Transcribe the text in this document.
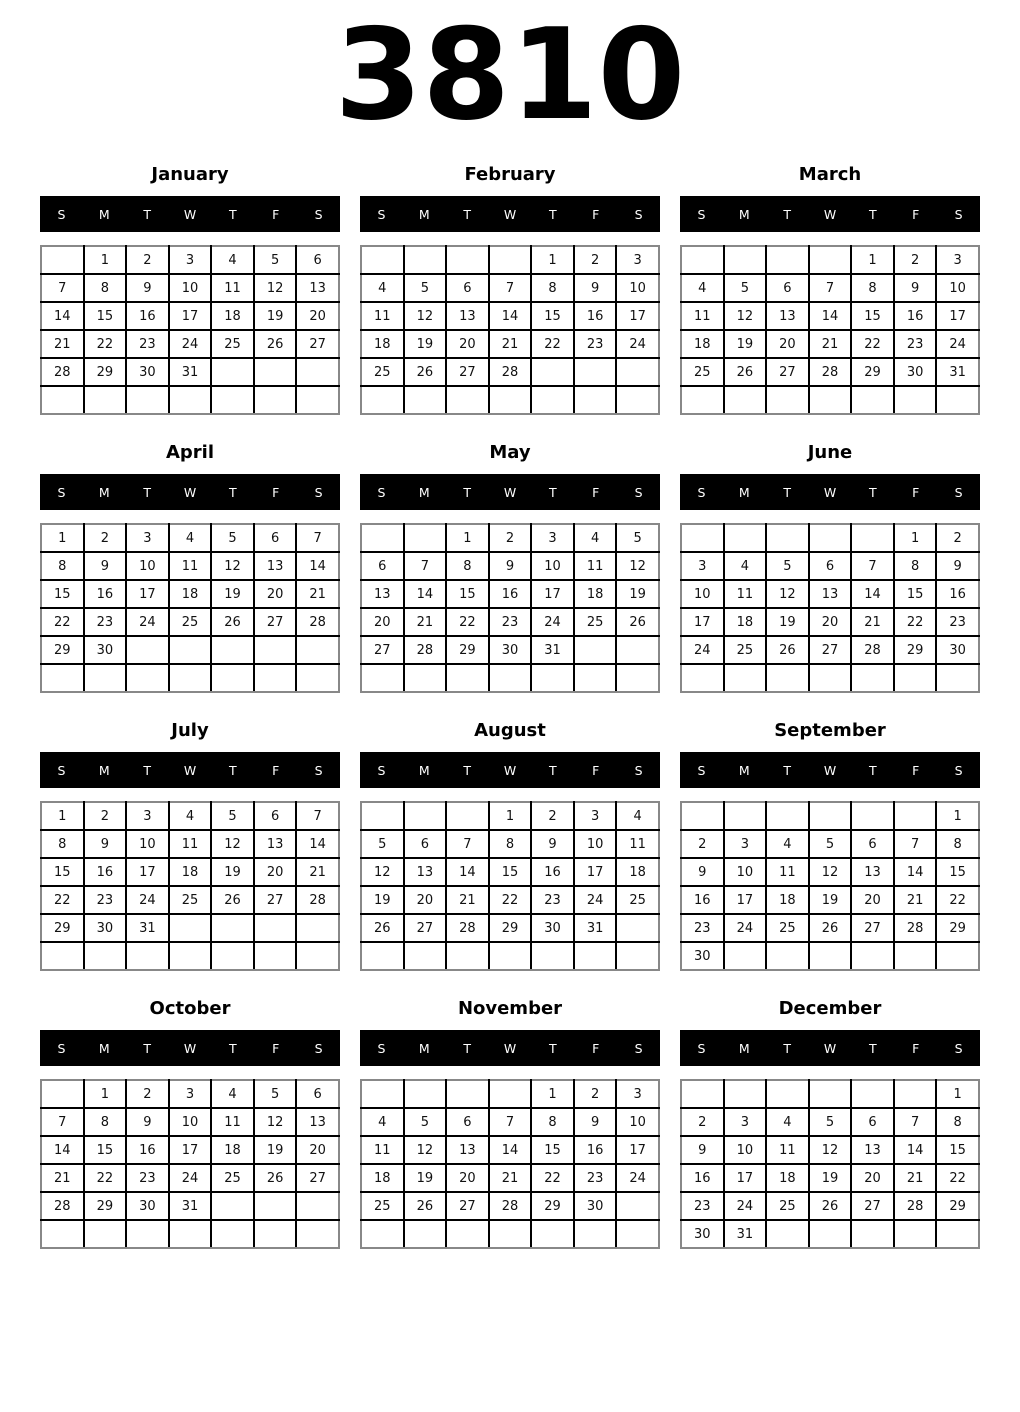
3810
January
S	M	T	W	T	F	S
	1	2	3	4	5	6
7	8	9	10	11	12	13
14	15	16	17	18	19	20
21	22	23	24	25	26	27
28	29	30	31			

February
S	M	T	W	T	F	S
				1	2	3
4	5	6	7	8	9	10
11	12	13	14	15	16	17
18	19	20	21	22	23	24
25	26	27	28			

March
S	M	T	W	T	F	S
				1	2	3
4	5	6	7	8	9	10
11	12	13	14	15	16	17
18	19	20	21	22	23	24
25	26	27	28	29	30	31

April
S	M	T	W	T	F	S
1	2	3	4	5	6	7
8	9	10	11	12	13	14
15	16	17	18	19	20	21
22	23	24	25	26	27	28
29	30					

May
S	M	T	W	T	F	S
		1	2	3	4	5
6	7	8	9	10	11	12
13	14	15	16	17	18	19
20	21	22	23	24	25	26
27	28	29	30	31		

June
S	M	T	W	T	F	S
					1	2
3	4	5	6	7	8	9
10	11	12	13	14	15	16
17	18	19	20	21	22	23
24	25	26	27	28	29	30

July
S	M	T	W	T	F	S
1	2	3	4	5	6	7
8	9	10	11	12	13	14
15	16	17	18	19	20	21
22	23	24	25	26	27	28
29	30	31				

August
S	M	T	W	T	F	S
			1	2	3	4
5	6	7	8	9	10	11
12	13	14	15	16	17	18
19	20	21	22	23	24	25
26	27	28	29	30	31	

September
S	M	T	W	T	F	S
						1
2	3	4	5	6	7	8
9	10	11	12	13	14	15
16	17	18	19	20	21	22
23	24	25	26	27	28	29
30						
October
S	M	T	W	T	F	S
	1	2	3	4	5	6
7	8	9	10	11	12	13
14	15	16	17	18	19	20
21	22	23	24	25	26	27
28	29	30	31			

November
S	M	T	W	T	F	S
				1	2	3
4	5	6	7	8	9	10
11	12	13	14	15	16	17
18	19	20	21	22	23	24
25	26	27	28	29	30	

December
S	M	T	W	T	F	S
						1
2	3	4	5	6	7	8
9	10	11	12	13	14	15
16	17	18	19	20	21	22
23	24	25	26	27	28	29
30	31					
